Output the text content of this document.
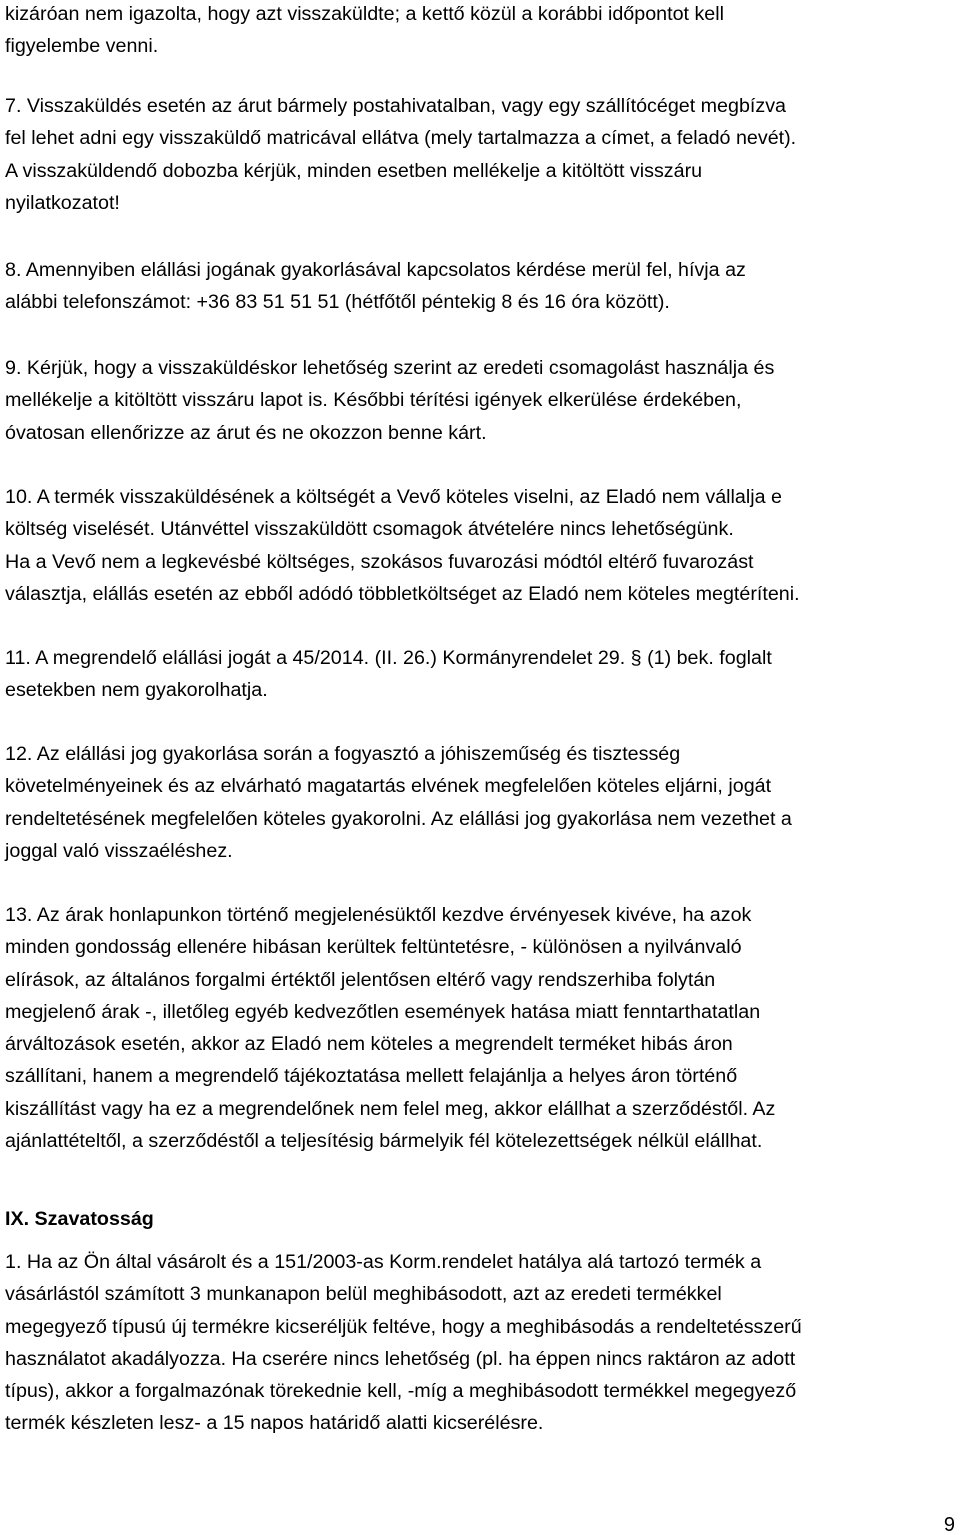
kizáróan nem igazolta, hogy azt visszaküldte; a kettő közül a korábbi időpontot kell
figyelembe venni.
7. Visszaküldés esetén az árut bármely postahivatalban, vagy egy szállítócéget megbízva
fel lehet adni egy visszaküldő matricával ellátva (mely tartalmazza a címet, a feladó nevét).
A visszaküldendő dobozba kérjük, minden esetben mellékelje a kitöltött visszáru
nyilatkozatot!
8. Amennyiben elállási jogának gyakorlásával kapcsolatos kérdése merül fel, hívja az
alábbi telefonszámot: +36 83 51 51 51 (hétfőtől péntekig 8 és 16 óra között).
9. Kérjük, hogy a visszaküldéskor lehetőség szerint az eredeti csomagolást használja és
mellékelje a kitöltött visszáru lapot is. Későbbi térítési igények elkerülése érdekében,
óvatosan ellenőrizze az árut és ne okozzon benne kárt.
10. A termék visszaküldésének a költségét a Vevő köteles viselni, az Eladó nem vállalja e
költség viselését. Utánvéttel visszaküldött csomagok átvételére nincs lehetőségünk.
Ha a Vevő nem a legkevésbé költséges, szokásos fuvarozási módtól eltérő fuvarozást
választja, elállás esetén az ebből adódó többletköltséget az Eladó nem köteles megtéríteni.
11. A megrendelő elállási jogát a 45/2014. (II. 26.) Kormányrendelet 29. § (1) bek. foglalt
esetekben nem gyakorolhatja.
12. Az elállási jog gyakorlása során a fogyasztó a jóhiszeműség és tisztesség
követelményeinek és az elvárható magatartás elvének megfelelően köteles eljárni, jogát
rendeltetésének megfelelően köteles gyakorolni. Az elállási jog gyakorlása nem vezethet a
joggal való visszaéléshez.
13. Az árak honlapunkon történő megjelenésüktől kezdve érvényesek kivéve, ha azok
minden gondosság ellenére hibásan kerültek feltüntetésre, - különösen a nyilvánvaló
elírások, az általános forgalmi értéktől jelentősen eltérő vagy rendszerhiba folytán
megjelenő árak -, illetőleg egyéb kedvezőtlen események hatása miatt fenntarthatatlan
árváltozások esetén, akkor az Eladó nem köteles a megrendelt terméket hibás áron
szállítani, hanem a megrendelő tájékoztatása mellett felajánlja a helyes áron történő
kiszállítást vagy ha ez a megrendelőnek nem felel meg, akkor elállhat a szerződéstől. Az
ajánlattételtől, a szerződéstől a teljesítésig bármelyik fél kötelezettségek nélkül elállhat.
IX. Szavatosság
1. Ha az Ön által vásárolt és a 151/2003-as Korm.rendelet hatálya alá tartozó termék a
vásárlástól számított 3 munkanapon belül meghibásodott, azt az eredeti termékkel
megegyező típusú új termékre kicseréljük feltéve, hogy a meghibásodás a rendeltetésszerű
használatot akadályozza. Ha cserére nincs lehetőség (pl. ha éppen nincs raktáron az adott
típus), akkor a forgalmazónak törekednie kell, -míg a meghibásodott termékkel megegyező
termék készleten lesz- a 15 napos határidő alatti kicserélésre.
9
